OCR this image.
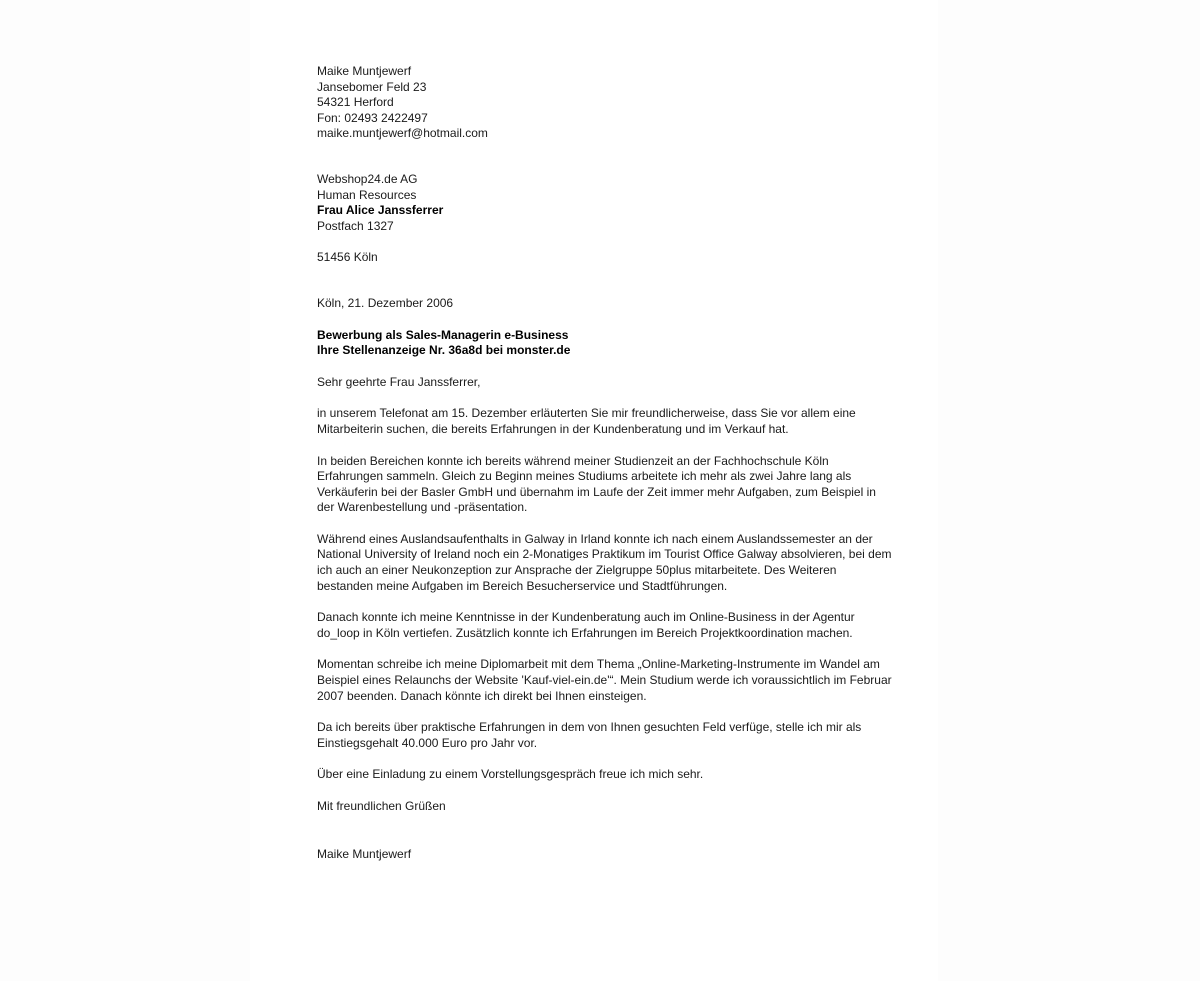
Maike Muntjewerf
Jansebomer Feld 23
54321 Herford
Fon: 02493 2422497
maike.muntjewerf@hotmail.com
Webshop24.de AG
Human Resources
Frau Alice Janssferrer
Postfach 1327
51456 Köln
Köln, 21. Dezember 2006
Bewerbung als Sales-Managerin e-Business
Ihre Stellenanzeige Nr. 36a8d bei monster.de

Sehr geehrte Frau Janssferrer,

in unserem Telefonat am 15. Dezember erläuterten Sie mir freundlicherweise, dass Sie vor allem eine Mitarbeiterin suchen, die bereits Erfahrungen in der Kundenberatung und im Verkauf hat.

In beiden Bereichen konnte ich bereits während meiner Studienzeit an der Fachhochschule Köln Erfahrungen sammeln. Gleich zu Beginn meines Studiums arbeitete ich mehr als zwei Jahre lang als Verkäuferin bei der Basler GmbH und übernahm im Laufe der Zeit immer mehr Aufgaben, zum Beispiel in der Warenbestellung und -präsentation.

Während eines Auslandsaufenthalts in Galway in Irland konnte ich nach einem Auslandssemester an der National University of Ireland noch ein 2-Monatiges Praktikum im Tourist Office Galway absolvieren, bei dem ich auch an einer Neukonzeption zur Ansprache der Zielgruppe 50plus mitarbeitete. Des Weiteren bestanden meine Aufgaben im Bereich Besucherservice und Stadtführungen.

Danach konnte ich meine Kenntnisse in der Kundenberatung auch im Online-Business in der Agentur do_loop in Köln vertiefen. Zusätzlich konnte ich Erfahrungen im Bereich Projektkoordination machen.

Momentan schreibe ich meine Diplomarbeit mit dem Thema „Online-Marketing-Instrumente im Wandel am Beispiel eines Relaunchs der Website 'Kauf-viel-ein.de'“. Mein Studium werde ich voraussichtlich im Februar 2007 beenden. Danach könnte ich direkt bei Ihnen einsteigen.

Da ich bereits über praktische Erfahrungen in dem von Ihnen gesuchten Feld verfüge, stelle ich mir als Einstiegsgehalt 40.000 Euro pro Jahr vor.

Über eine Einladung zu einem Vorstellungsgespräch freue ich mich sehr.

Mit freundlichen Grüßen

Maike Muntjewerf
